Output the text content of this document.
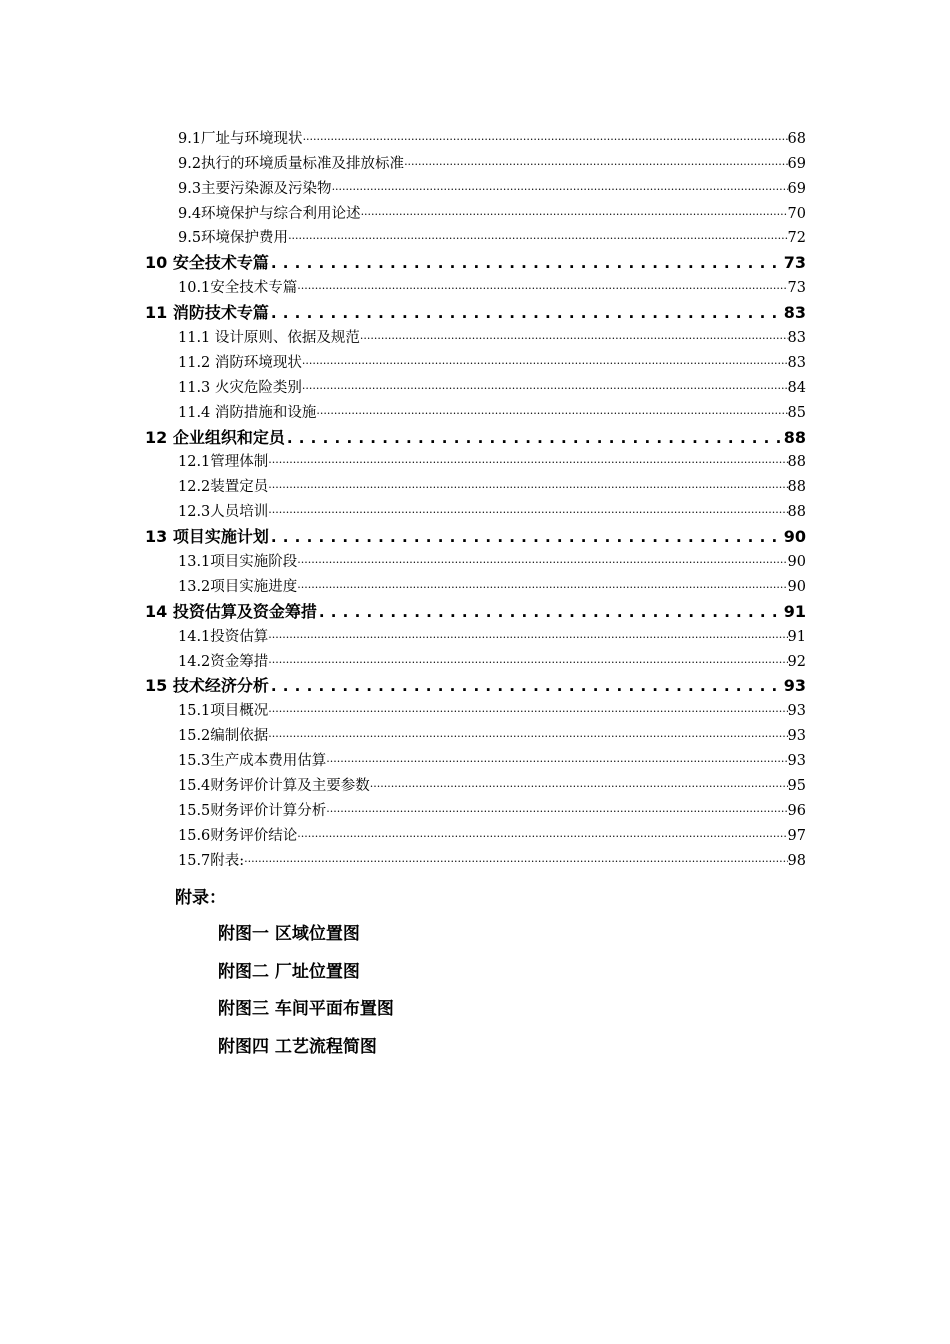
9.1厂址与环境现状 .....	68
9.2执行的环境质量标准及排放标准 .....	69
9.3主要污染源及污染物 .....	69
9.4环境保护与综合利用论述 .....	70
9.5环境保护费用 .....	72
10 安全技术专篇 . . .	73
10.1安全技术专篇 .....	73
11 消防技术专篇 . . .	83
11.1 设计原则、依据及规范 .....	83
11.2 消防环境现状 .....	83
11.3 火灾危险类别 .....	84
11.4 消防措施和设施 .....	85
12 企业组织和定员 . . .	88
12.1管理体制 .....	88
12.2装置定员 .....	88
12.3人员培训 .....	88
13 项目实施计划 . . .	90
13.1项目实施阶段 .....	90
13.2项目实施进度 .....	90
14 投资估算及资金筹措 . . .	91
14.1投资估算 .....	91
14.2资金筹措 .....	92
15 技术经济分析 . . .	93
15.1项目概况 .....	93
15.2编制依据 .....	93
15.3生产成本费用估算 .....	93
15.4财务评价计算及主要参数 .....	95
15.5财务评价计算分析 .....	96
15.6财务评价结论 .....	97
15.7附表: .....	98
附录：
附图一 区域位置图
附图二 厂址位置图
附图三 车间平面布置图
附图四 工艺流程简图
